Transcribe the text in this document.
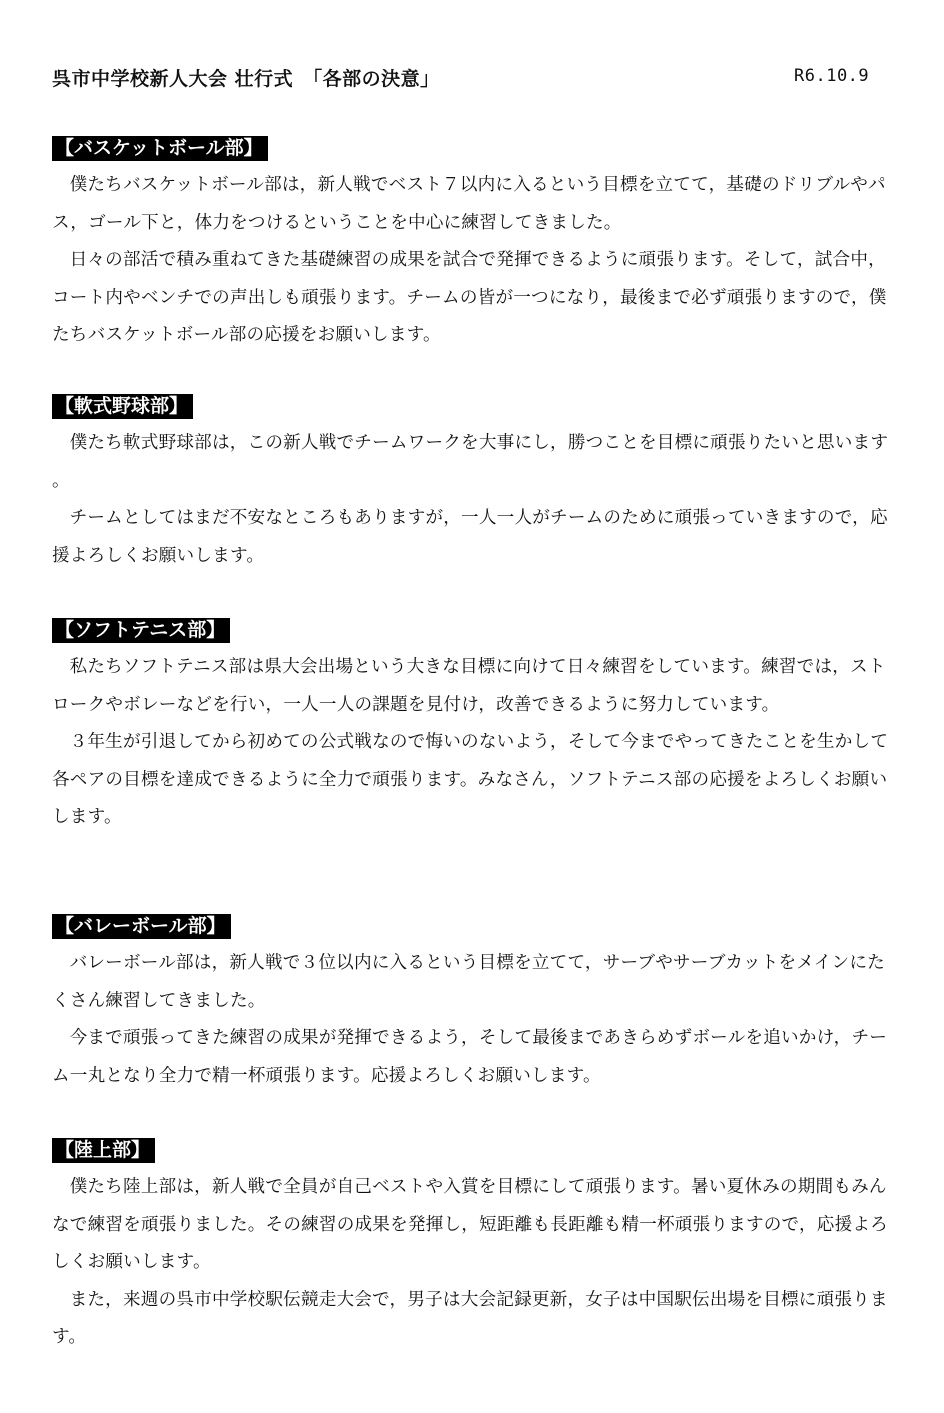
呉市中学校新人大会 壮行式　「各部の決意」	R6.10.9
【バスケットボール部】

僕たちバスケットボール部は，新人戦でベスト７以内に入るという目標を立てて，基礎のドリブルやパス，ゴール下と，体力をつけるということを中心に練習してきました。

日々の部活で積み重ねてきた基礎練習の成果を試合で発揮できるように頑張ります。そして，試合中，コート内やベンチでの声出しも頑張ります。チームの皆が一つになり，最後まで必ず頑張りますので，僕たちバスケットボール部の応援をお願いします。

【軟式野球部】

僕たち軟式野球部は，この新人戦でチームワークを大事にし，勝つことを目標に頑張りたいと思います。

チームとしてはまだ不安なところもありますが，一人一人がチームのために頑張っていきますので，応援よろしくお願いします。

【ソフトテニス部】

私たちソフトテニス部は県大会出場という大きな目標に向けて日々練習をしています。練習では，ストロークやボレーなどを行い，一人一人の課題を見付け，改善できるように努力しています。

３年生が引退してから初めての公式戦なので悔いのないよう，そして今までやってきたことを生かして各ペアの目標を達成できるように全力で頑張ります。みなさん，ソフトテニス部の応援をよろしくお願いします。

【バレーボール部】

バレーボール部は，新人戦で３位以内に入るという目標を立てて，サーブやサーブカットをメインにたくさん練習してきました。

今まで頑張ってきた練習の成果が発揮できるよう，そして最後まであきらめずボールを追いかけ，チーム一丸となり全力で精一杯頑張ります。応援よろしくお願いします。

【陸上部】

僕たち陸上部は，新人戦で全員が自己ベストや入賞を目標にして頑張ります。暑い夏休みの期間もみんなで練習を頑張りました。その練習の成果を発揮し，短距離も長距離も精一杯頑張りますので，応援よろしくお願いします。

また，来週の呉市中学校駅伝競走大会で，男子は大会記録更新，女子は中国駅伝出場を目標に頑張ります。
